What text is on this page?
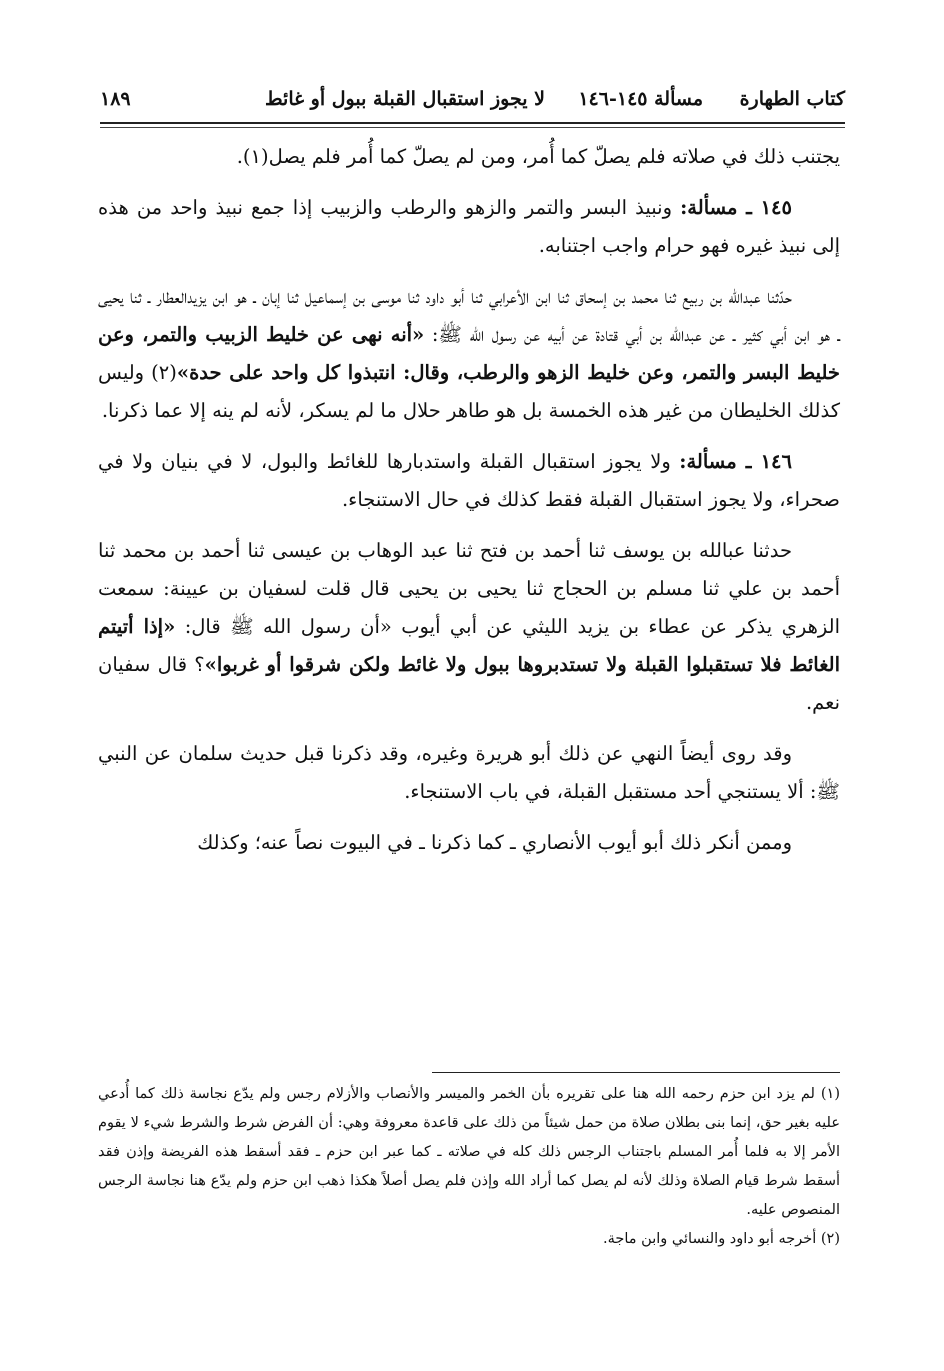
كتاب الطهارة
مسألة ١٤٥-١٤٦
لا يجوز استقبال القبلة ببول أو غائط
١٨٩

يجتنب ذلك في صلاته فلم يصلّ كما أُمر، ومن لم يصلّ كما أُمر فلم يصل(١).

١٤٥ ـ مسألة: ونبيذ البسر والتمر والزهو والرطب والزبيب إذا جمع نبيذ واحد من هذه إلى نبيذ غيره فهو حرام واجب اجتنابه.

حدّثنا عبدالله بن ربيع ثنا محمد بن إسحاق ثنا ابن الأعرابي ثنا أبو داود ثنا موسى بن إسماعيل ثنا إبان ـ هو ابن يزيدالعطار ـ ثنا يحيى ـ هو ابن أبي كثير ـ عن عبدالله بن أبي قتادة عن أبيه عن رسول الله ﷺ: «أنه نهى عن خليط الزبيب والتمر، وعن خليط البسر والتمر، وعن خليط الزهو والرطب، وقال: انتبذوا كل واحد على حدة»(٢) وليس كذلك الخليطان من غير هذه الخمسة بل هو طاهر حلال ما لم يسكر، لأنه لم ينه إلا عما ذكرنا.

١٤٦ ـ مسألة: ولا يجوز استقبال القبلة واستدبارها للغائط والبول، لا في بنيان ولا في صحراء، ولا يجوز استقبال القبلة فقط كذلك في حال الاستنجاء.

حدثنا عبالله بن يوسف ثنا أحمد بن فتح ثنا عبد الوهاب بن عيسى ثنا أحمد بن محمد ثنا أحمد بن علي ثنا مسلم بن الحجاج ثنا يحيى بن يحيى قال قلت لسفيان بن عيينة: سمعت الزهري يذكر عن عطاء بن يزيد الليثي عن أبي أيوب «أن رسول الله ﷺ قال: «إذا أتيتم الغائط فلا تستقبلوا القبلة ولا تستدبروها ببول ولا غائط ولكن شرقوا أو غربوا»؟ قال سفيان نعم.

وقد روى أيضاً النهي عن ذلك أبو هريرة وغيره، وقد ذكرنا قبل حديث سلمان عن النبي ﷺ: ألا يستنجي أحد مستقبل القبلة، في باب الاستنجاء.

وممن أنكر ذلك أبو أيوب الأنصاري ـ كما ذكرنا ـ في البيوت نصاً عنه؛ وكذلك

(١) لم يزد ابن حزم رحمه الله هنا على تقريره بأن الخمر والميسر والأنصاب والأزلام رجس ولم يدّع نجاسة ذلك كما أُدعي عليه بغير حق، إنما بنى بطلان صلاة من حمل شيئاً من ذلك على قاعدة معروفة وهي: أن الفرض شرط والشرط شيء لا يقوم الأمر إلا به فلما أُمر المسلم باجتناب الرجس ذلك كله في صلاته ـ كما عبر ابن حزم ـ فقد أسقط هذه الفريضة وإذن فقد أسقط شرط قيام الصلاة وذلك لأنه لم يصل كما أراد الله وإذن فلم يصل أصلاً هكذا ذهب ابن حزم ولم يدّع هنا نجاسة الرجس المنصوص عليه.

(٢) أخرجه أبو داود والنسائي وابن ماجة.
